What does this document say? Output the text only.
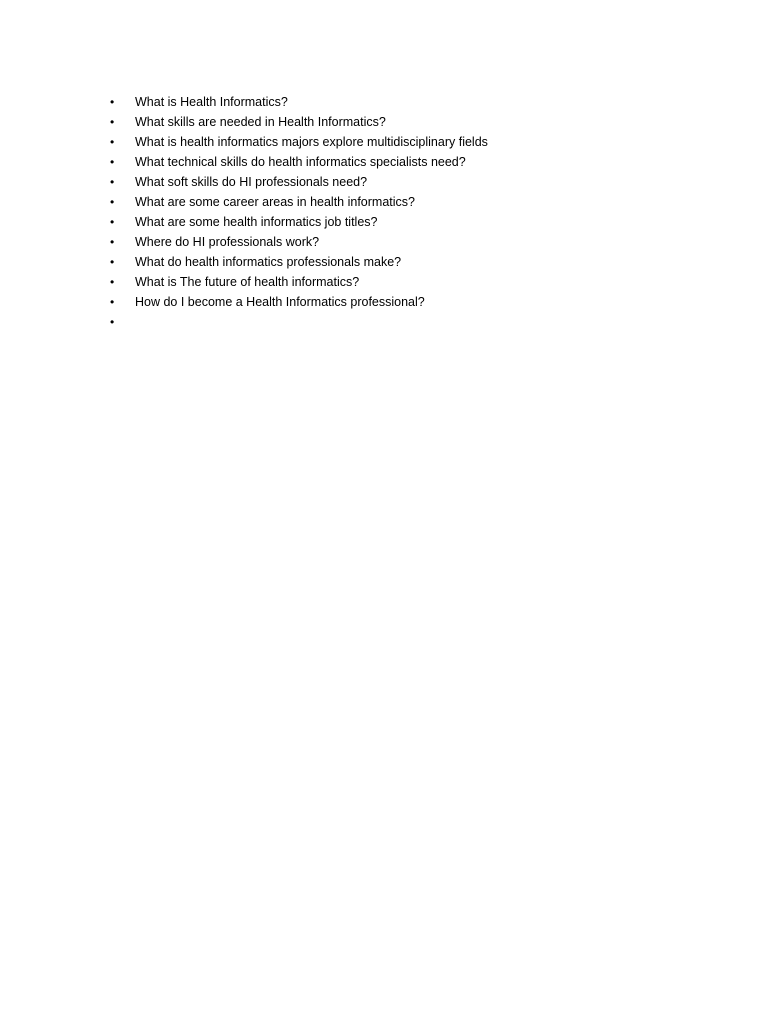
•	What is Health Informatics?
•	What skills are needed in Health Informatics?
•	What is health informatics majors explore multidisciplinary fields
•	What technical skills do health informatics specialists need?
•	What soft skills do HI professionals need?
•	What are some career areas in health informatics?
•	What are some health informatics job titles?
•	Where do HI professionals work?
•	What do health informatics professionals make?
•	What is The future of health informatics?
•	How do I become a Health Informatics professional?
•
